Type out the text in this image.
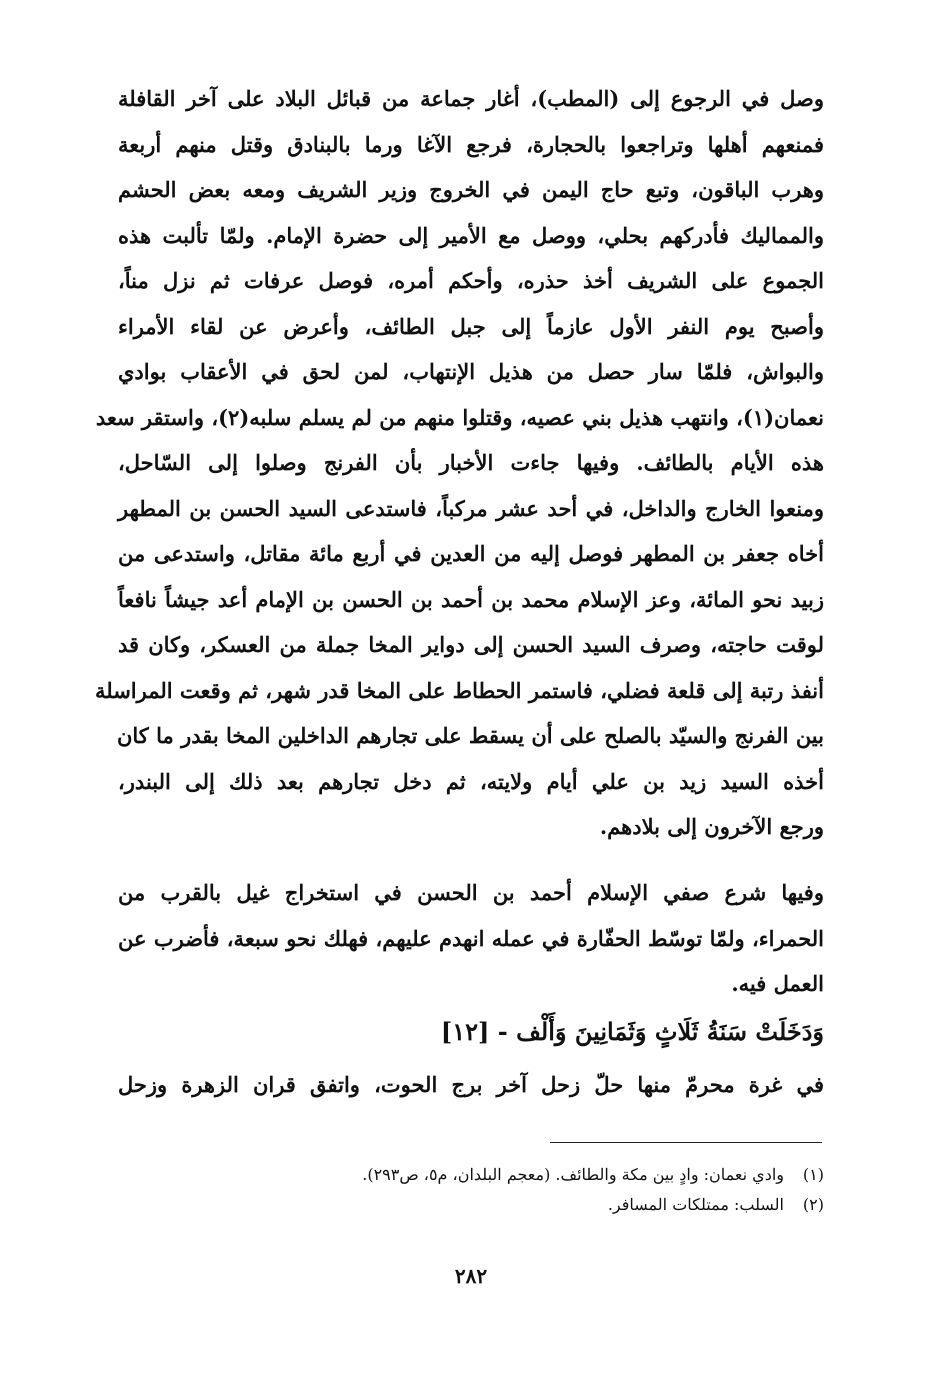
وصل في الرجوع إلى (المطب)، أغار جماعة من قبائل البلاد على آخر القافلة
فمنعهم أهلها وتراجعوا بالحجارة، فرجع الآغا ورما بالبنادق وقتل منهم أربعة
وهرب الباقون، وتبع حاج اليمن في الخروج وزير الشريف ومعه بعض الحشم
والمماليك فأدركهم بحلي، ووصل مع الأمير إلى حضرة الإمام. ولمّا تألبت هذه
الجموع على الشريف أخذ حذره، وأحكم أمره، فوصل عرفات ثم نزل مناً،
وأصبح يوم النفر الأول عازماً إلى جبل الطائف، وأعرض عن لقاء الأمراء
والبواش، فلمّا سار حصل من هذيل الإنتهاب، لمن لحق في الأعقاب بوادي
نعمان(١)، وانتهب هذيل بني عصيه، وقتلوا منهم من لم يسلم سلبه(٢)، واستقر سعد
هذه الأيام بالطائف. وفيها جاءت الأخبار بأن الفرنج وصلوا إلى السّاحل،
ومنعوا الخارج والداخل، في أحد عشر مركباً، فاستدعى السيد الحسن بن المطهر
أخاه جعفر بن المطهر فوصل إليه من العدين في أربع مائة مقاتل، واستدعى من
زبيد نحو المائة، وعز الإسلام محمد بن أحمد بن الحسن بن الإمام أعد جيشاً نافعاً
لوقت حاجته، وصرف السيد الحسن إلى دواير المخا جملة من العسكر، وكان قد
أنفذ رتبة إلى قلعة فضلي، فاستمر الحطاط على المخا قدر شهر، ثم وقعت المراسلة
بين الفرنج والسيّد بالصلح على أن يسقط على تجارهم الداخلين المخا بقدر ما كان
أخذه السيد زيد بن علي أيام ولايته، ثم دخل تجارهم بعد ذلك إلى البندر،
ورجع الآخرون إلى بلادهم.
وفيها شرع صفي الإسلام أحمد بن الحسن في استخراج غيل بالقرب من
الحمراء، ولمّا توسّط الحفّارة في عمله انهدم عليهم، فهلك نحو سبعة، فأضرب عن
العمل فيه.
وَدَخَلَتْ سَنَةُ ثَلَاثٍ وَثَمَانِينَ وَأَلْف - [١٢]
في غرة محرمّ منها حلّ زحل آخر برج الحوت، واتفق قران الزهرة وزحل
(١)
وادي نعمان: وادٍ بين مكة والطائف. (معجم البلدان، م٥، ص٢٩٣).
(٢)
السلب: ممتلكات المسافر.
٢٨٢
